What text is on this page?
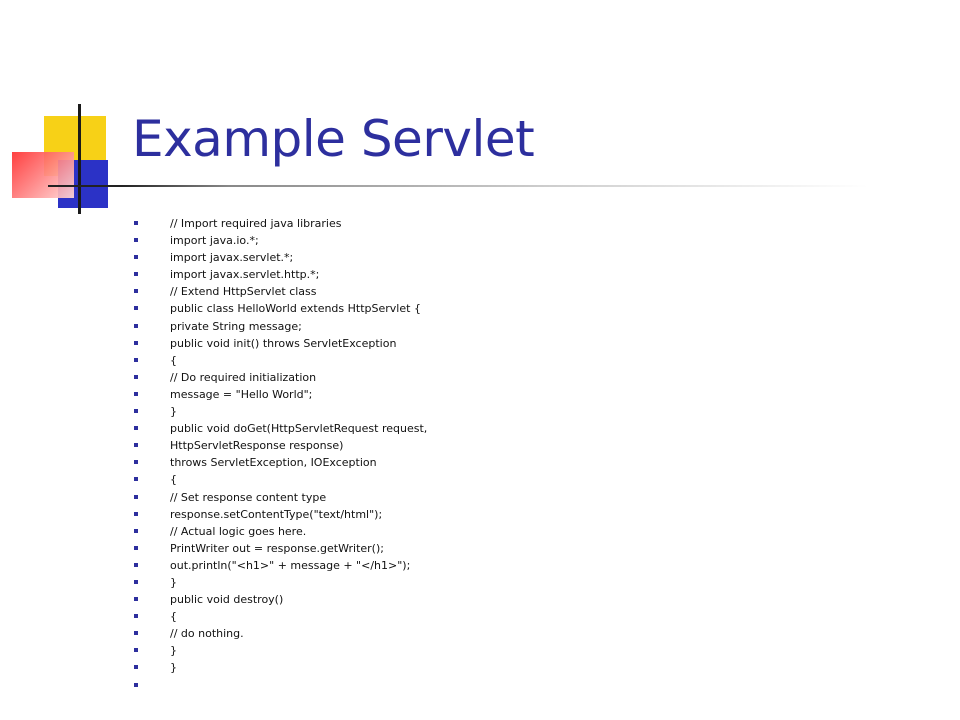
Example Servlet
// Import required java libraries
import java.io.*;
import javax.servlet.*;
import javax.servlet.http.*;
// Extend HttpServlet class
public class HelloWorld extends HttpServlet {
private String message;
public void init() throws ServletException
{
// Do required initialization
message = "Hello World";
}
public void doGet(HttpServletRequest request,
HttpServletResponse response)
throws ServletException, IOException
{
// Set response content type
response.setContentType("text/html");
// Actual logic goes here.
PrintWriter out = response.getWriter();
out.println("<h1>" + message + "</h1>");
}
public void destroy()
{
// do nothing.
}
}
